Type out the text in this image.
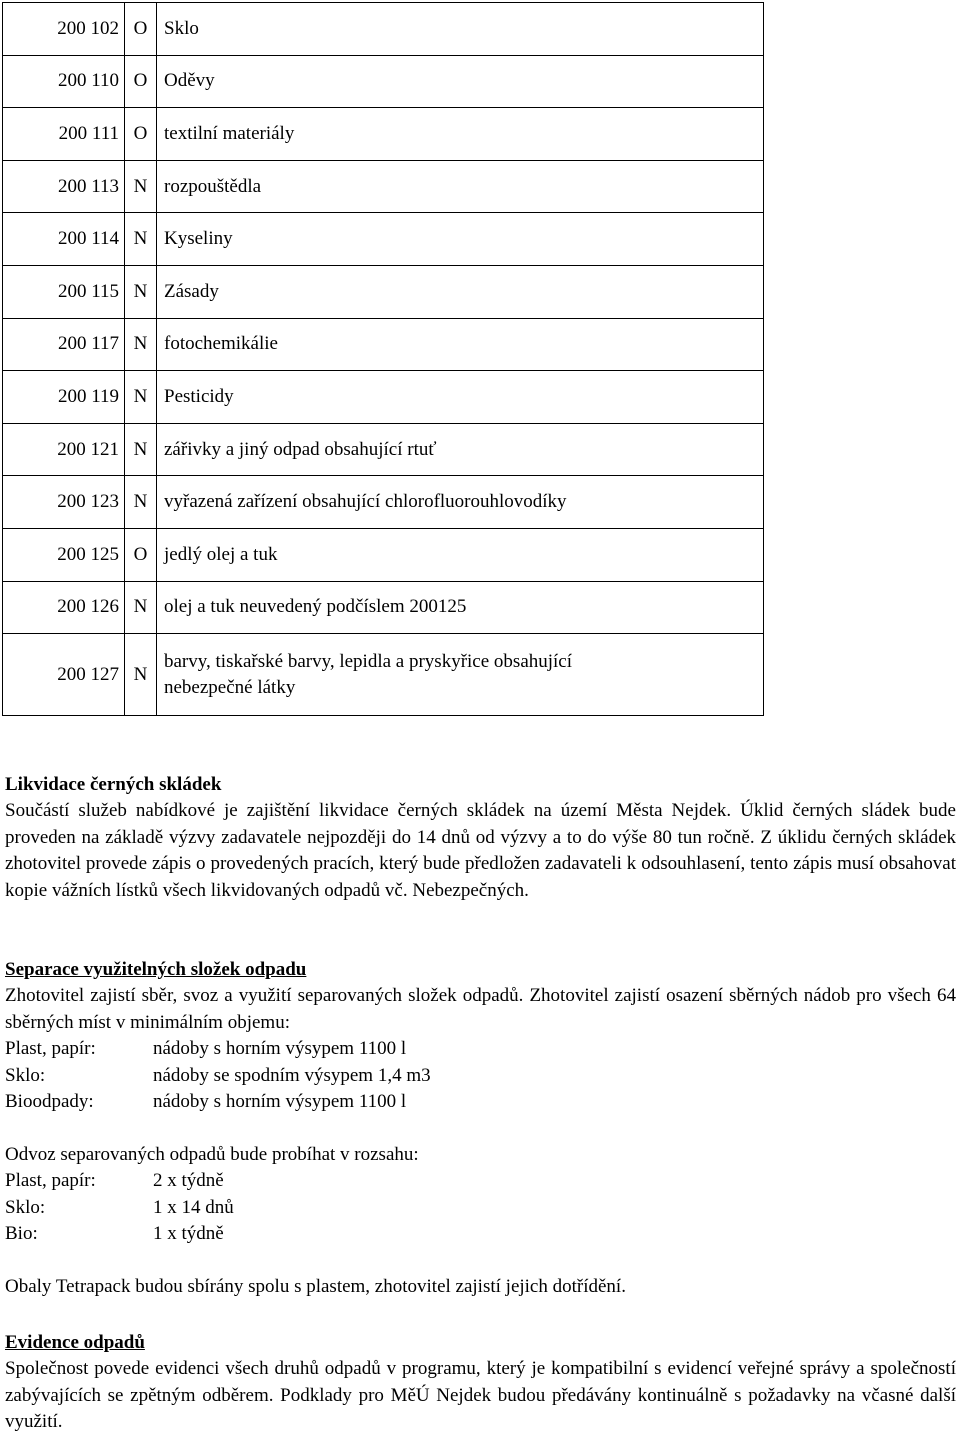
200 102	O	Sklo
200 110	O	Oděvy
200 111	O	textilní materiály
200 113	N	rozpouštědla
200 114	N	Kyseliny
200 115	N	Zásady
200 117	N	fotochemikálie
200 119	N	Pesticidy
200 121	N	zářivky a jiný odpad obsahující rtuť
200 123	N	vyřazená zařízení obsahující chlorofluorouhlovodíky
200 125	O	jedlý olej a tuk
200 126	N	olej a tuk neuvedený podčíslem 200125
200 127	N	barvy, tiskařské barvy, lepidla a pryskyřice obsahující
nebezpečné látky
Likvidace černých skládek
Součástí služeb nabídkové je zajištění likvidace černých skládek na území Města Nejdek. Úklid černých sládek bude proveden na základě výzvy zadavatele nejpozději do 14 dnů od výzvy a to do výše 80 tun ročně. Z úklidu černých skládek zhotovitel provede zápis o provedených pracích, který bude předložen zadavateli k odsouhlasení, tento zápis musí obsahovat kopie vážních lístků všech likvidovaných odpadů vč. Nebezpečných.
Separace využitelných složek odpadu
Zhotovitel zajistí sběr, svoz a využití separovaných složek odpadů. Zhotovitel zajistí osazení sběrných nádob pro všech 64 sběrných míst v minimálním objemu:
Plast, papír:	nádoby s horním výsypem 1100 l
Sklo:	nádoby se spodním výsypem 1,4 m3
Bioodpady:	nádoby s horním výsypem 1100 l
Odvoz separovaných odpadů bude probíhat v rozsahu:
Plast, papír:	2 x týdně
Sklo:	1 x 14 dnů
Bio:	1 x týdně
Obaly Tetrapack budou sbírány spolu s plastem, zhotovitel zajistí jejich dotřídění.
Evidence odpadů
Společnost povede evidenci všech druhů odpadů v programu, který je kompatibilní s evidencí veřejné správy a společností zabývajících se zpětným odběrem. Podklady pro MěÚ Nejdek budou předávány kontinuálně s požadavky na včasné další využití.
